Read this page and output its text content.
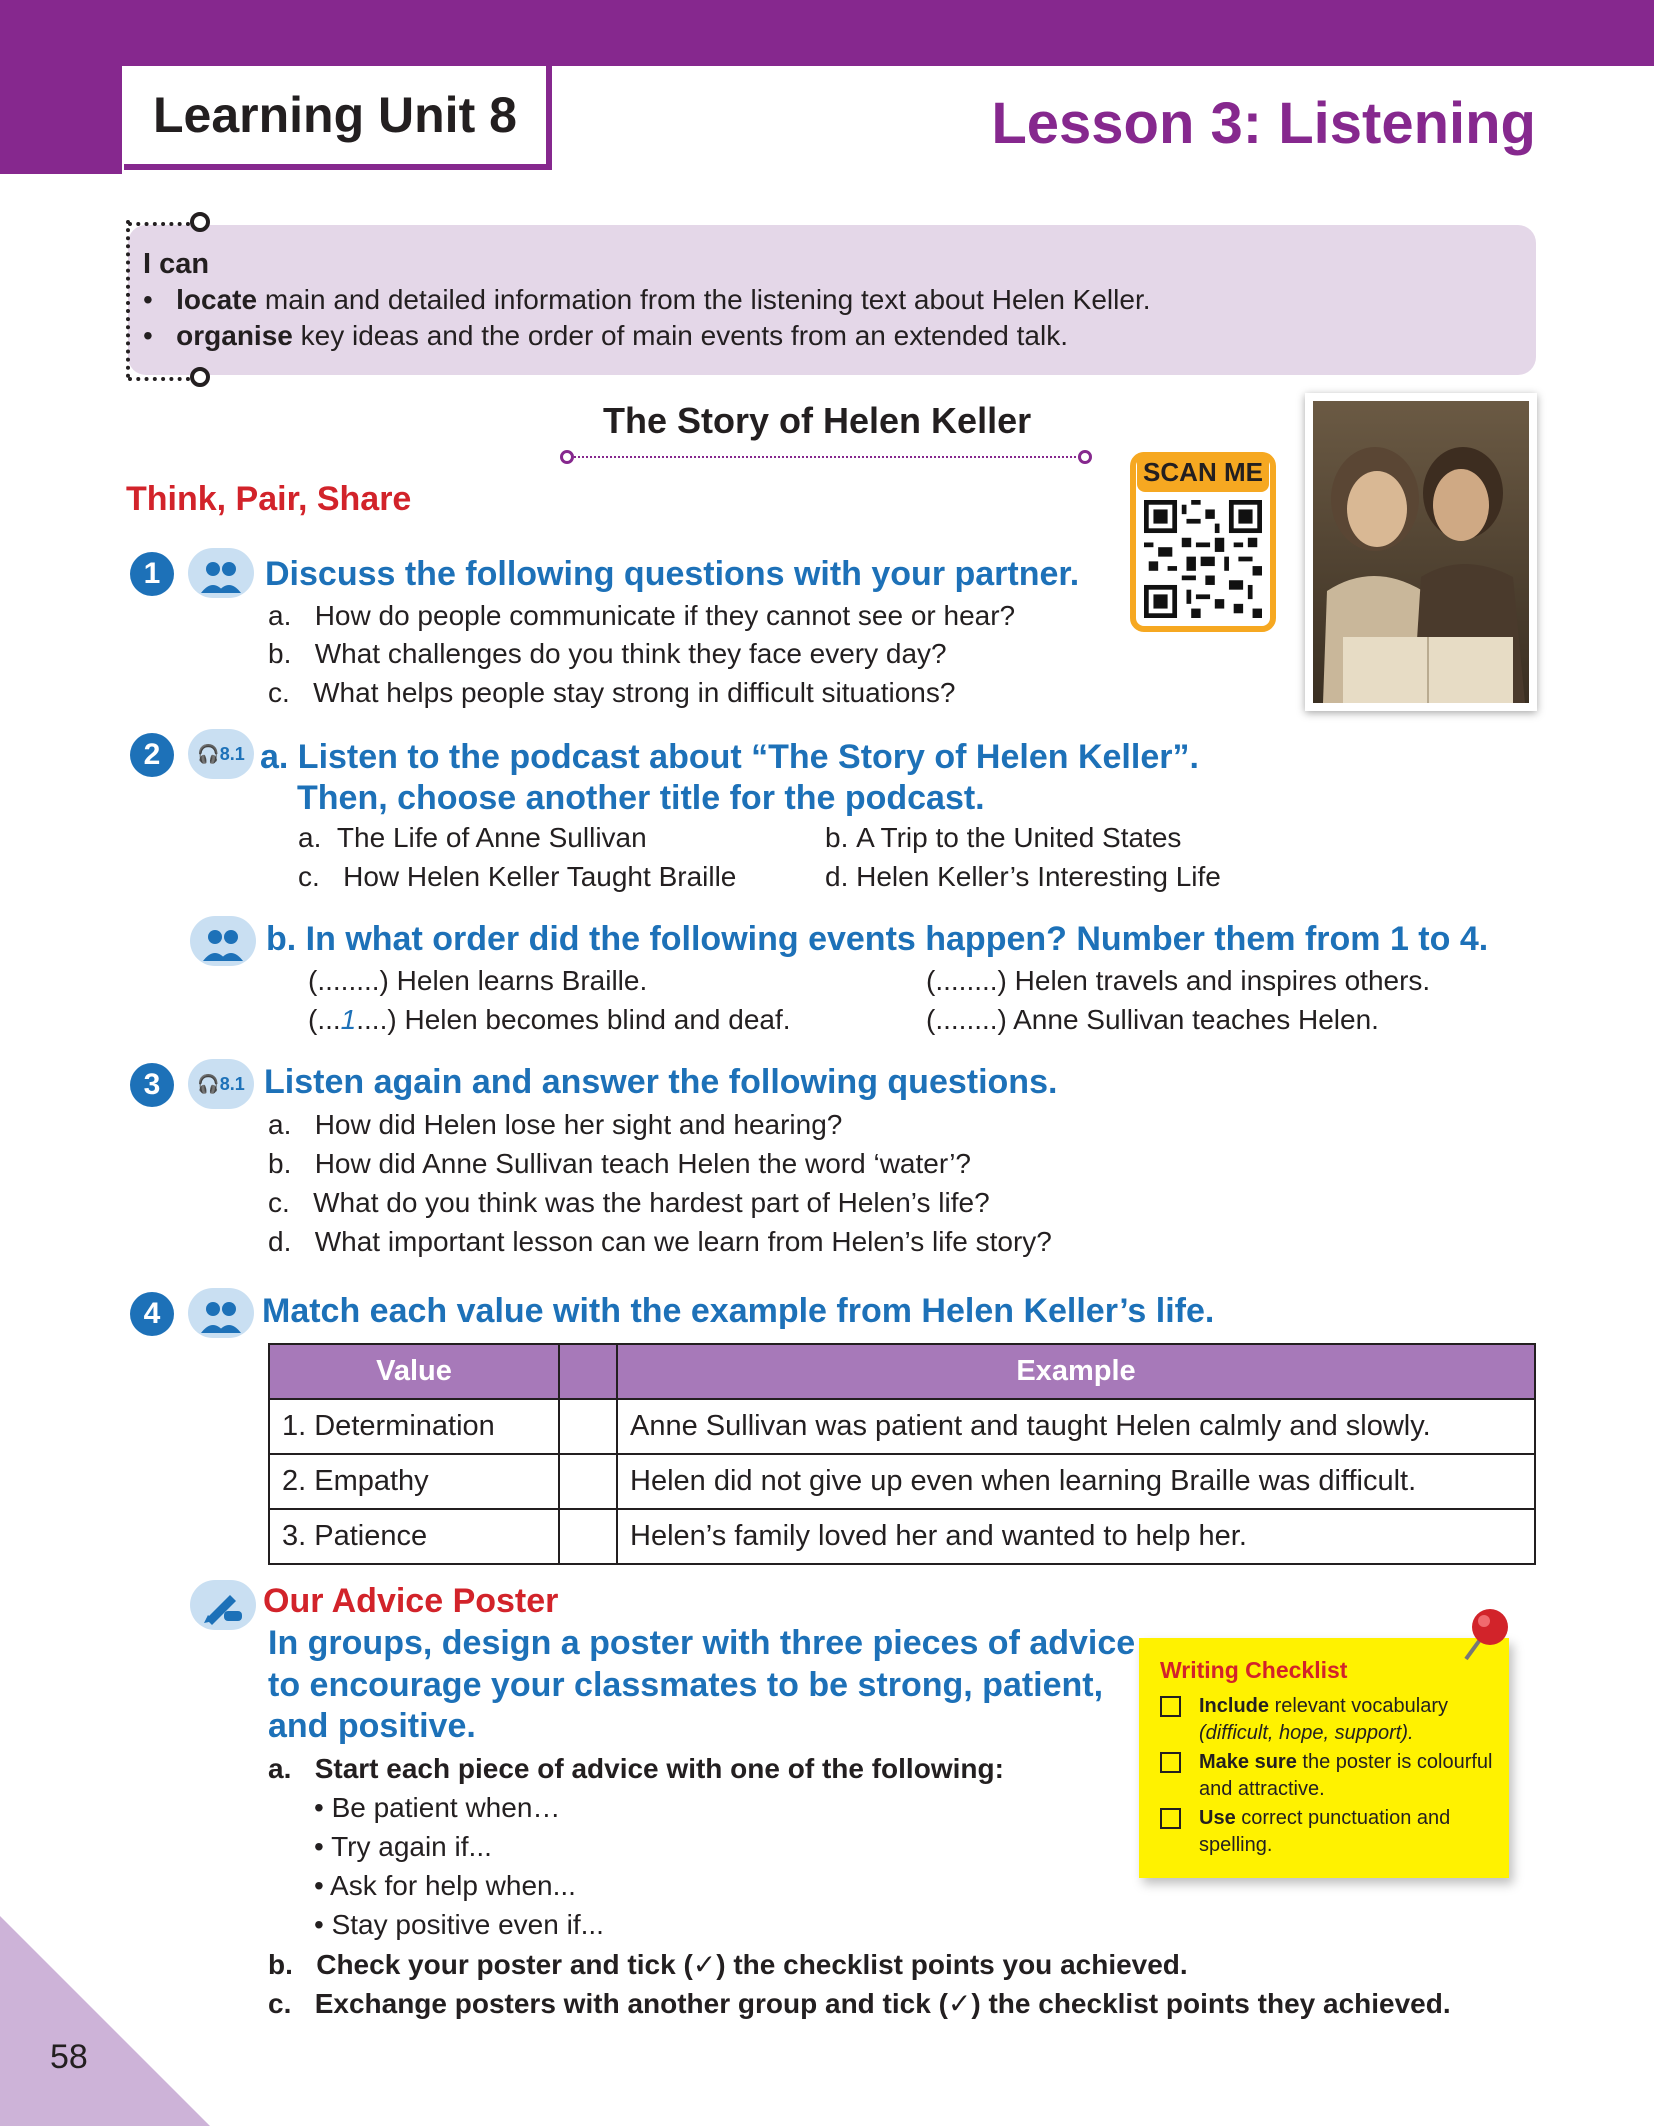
Learning Unit 8	Lesson 3: Listening
I can
• locate main and detailed information from the listening text about Helen Keller.
• organise key ideas and the order of main events from an extended talk.
The Story of Helen Keller
SCAN ME
Think, Pair, Share
1	Discuss the following questions with your partner.
a. How do people communicate if they cannot see or hear?
b. What challenges do you think they face every day?
c. What helps people stay strong in difficult situations?
2	🎧8.1 a. Listen to the podcast about “The Story of Helen Keller”.
Then, choose another title for the podcast.
a. The Life of Anne Sullivan	b. A Trip to the United States
c. How Helen Keller Taught Braille	d. Helen Keller’s Interesting Life
b. In what order did the following events happen? Number them from 1 to 4.
(........) Helen learns Braille.	(........) Helen travels and inspires others.
(...1....) Helen becomes blind and deaf.	(........) Anne Sullivan teaches Helen.
3	🎧8.1 Listen again and answer the following questions.
a. How did Helen lose her sight and hearing?
b. How did Anne Sullivan teach Helen the word ‘water’?
c. What do you think was the hardest part of Helen’s life?
d. What important lesson can we learn from Helen’s life story?
4	Match each value with the example from Helen Keller’s life.
Value		Example
1. Determination		Anne Sullivan was patient and taught Helen calmly and slowly.
2. Empathy		Helen did not give up even when learning Braille was difficult.
3. Patience		Helen’s family loved her and wanted to help her.
Our Advice Poster
In groups, design a poster with three pieces of advice
to encourage your classmates to be strong, patient,
and positive.
a. Start each piece of advice with one of the following:
• Be patient when…
• Try again if...
• Ask for help when...
• Stay positive even if...
b. Check your poster and tick (✓) the checklist points you achieved.
c. Exchange posters with another group and tick (✓) the checklist points they achieved.
Writing Checklist
Include relevant vocabulary
(difficult, hope, support).
Make sure the poster is colourful
and attractive.
Use correct punctuation and
spelling.
58
